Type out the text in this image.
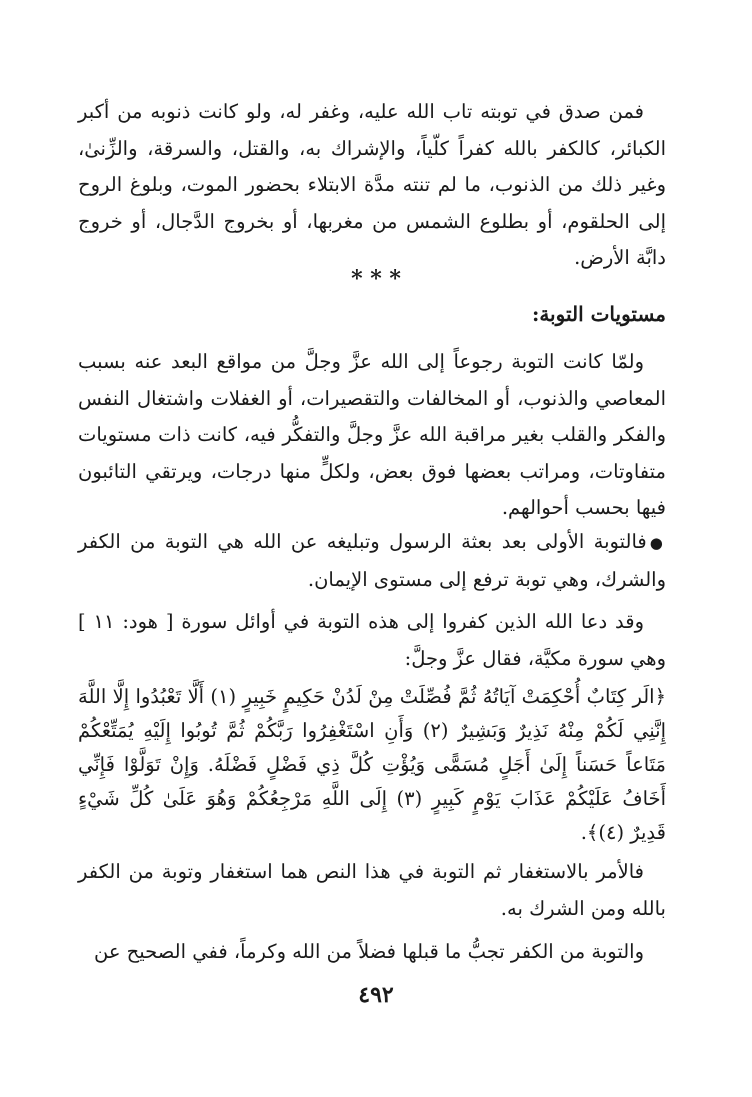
فمن صدق في توبته تاب الله عليه، وغفر له، ولو كانت ذنوبه من أكبر الكبائر، كالكفر بالله كفراً كلّياً، والإشراك به، والقتل، والسرقة، والزِّنىٰ، وغير ذلك من الذنوب، ما لم تنته مدَّة الابتلاء بحضور الموت، وبلوغ الروح إلى الحلقوم، أو بطلوع الشمس من مغربها، أو بخروج الدَّجال، أو خروج دابَّة الأرض.

* * *
مستويات التوبة:

ولمّا كانت التوبة رجوعاً إلى الله عزَّ وجلَّ من مواقع البعد عنه بسبب المعاصي والذنوب، أو المخالفات والتقصيرات، أو الغفلات واشتغال النفس والفكر والقلب بغير مراقبة الله عزَّ وجلَّ والتفكُّر فيه، كانت ذات مستويات متفاوتات، ومراتب بعضها فوق بعض، ولكلٍّ منها درجات، ويرتقي التائبون فيها بحسب أحوالهم.

●فالتوبة الأولى بعد بعثة الرسول وتبليغه عن الله هي التوبة من الكفر والشرك، وهي توبة ترفع إلى مستوى الإيمان.

وقد دعا الله الذين كفروا إلى هذه التوبة في أوائل سورة [ هود: ١١ ] وهي سورة مكيَّة، فقال عزَّ وجلَّ:

﴿الَر كِتَابٌ أُحْكِمَتْ آيَاتُهُ ثُمَّ فُصِّلَتْ مِنْ لَدُنْ حَكِيمٍ خَبِيرٍ (١) أَلَّا تَعْبُدُوا إِلَّا اللَّهَ إِنَّنِي لَكُمْ مِنْهُ نَذِيرٌ وَبَشِيرٌ (٢) وَأَنِ اسْتَغْفِرُوا رَبَّكُمْ ثُمَّ تُوبُوا إِلَيْهِ يُمَتِّعْكُمْ مَتَاعاً حَسَناً إِلَىٰ أَجَلٍ مُسَمًّى وَيُؤْتِ كُلَّ ذِي فَضْلٍ فَضْلَهُ. وَإِنْ تَوَلَّوْا فَإِنِّي أَخَافُ عَلَيْكُمْ عَذَابَ يَوْمٍ كَبِيرٍ (٣) إِلَى اللَّهِ مَرْجِعُكُمْ وَهُوَ عَلَىٰ كُلِّ شَيْءٍ قَدِيرٌ (٤)﴾.

فالأمر بالاستغفار ثم التوبة في هذا النص هما استغفار وتوبة من الكفر بالله ومن الشرك به.

والتوبة من الكفر تجبُّ ما قبلها فضلاً من الله وكرماً، ففي الصحيح عن

٤٩٢
